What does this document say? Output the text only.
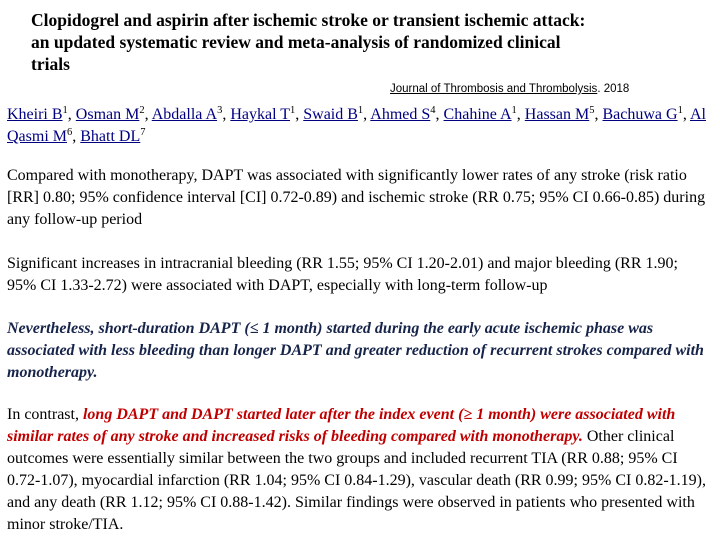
Clopidogrel and aspirin after ischemic stroke or transient ischemic attack: an updated systematic review and meta-analysis of randomized clinical trials
Journal of Thrombosis and Thrombolysis. 2018
Kheiri $B^1$, Osman $M^2$, Abdalla $A^3$, Haykal $T^1$, Swaid $B^1$, Ahmed $S^4$, Chahine $A^1$, Hassan $M^5$, Bachuwa $G^1$, Al Qasmi $M^6$, Bhatt $DL^7$

Compared with monotherapy, DAPT was associated with significantly lower rates of any stroke (risk ratio [RR] 0.80; 95% confidence interval [CI] 0.72-0.89) and ischemic stroke (RR 0.75; 95% CI 0.66-0.85) during any follow-up period

Significant increases in intracranial bleeding (RR 1.55; 95% CI 1.20-2.01) and major bleeding (RR 1.90; 95% CI 1.33-2.72) were associated with DAPT, especially with long-term follow-up

Nevertheless, short-duration DAPT (≤ 1 month) started during the early acute ischemic phase was associated with less bleeding than longer DAPT and greater reduction of recurrent strokes compared with monotherapy.

In contrast, long DAPT and DAPT started later after the index event (≥ 1 month) were associated with similar rates of any stroke and increased risks of bleeding compared with monotherapy. Other clinical outcomes were essentially similar between the two groups and included recurrent TIA (RR 0.88; 95% CI 0.72-1.07), myocardial infarction (RR 1.04; 95% CI 0.84-1.29), vascular death (RR 0.99; 95% CI 0.82-1.19), and any death (RR 1.12; 95% CI 0.88-1.42). Similar findings were observed in patients who presented with minor stroke/TIA.
